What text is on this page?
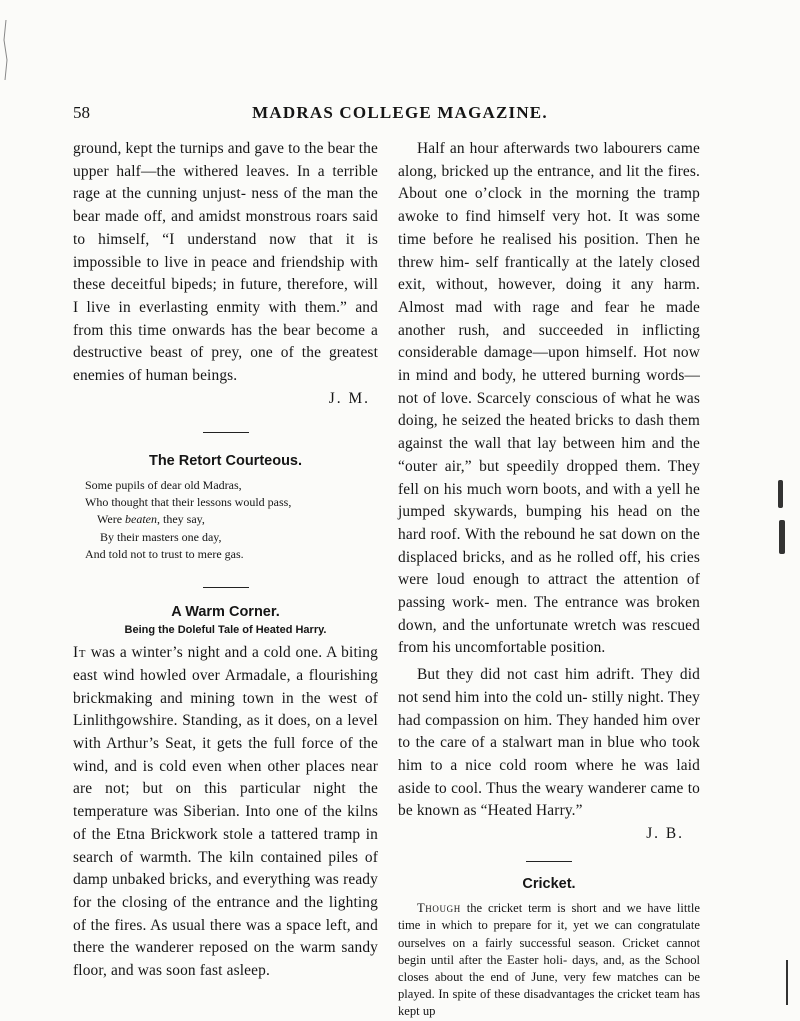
58	MADRAS COLLEGE MAGAZINE.

ground, kept the turnips and gave to the bear the upper half—the withered leaves. In a terrible rage at the cunning unjust- ness of the man the bear made off, and amidst monstrous roars said to himself, “I understand now that it is impossible to live in peace and friendship with these deceitful bipeds; in future, therefore, will I live in everlasting enmity with them.” and from this time onwards has the bear become a destructive beast of prey, one of the greatest enemies of human beings.

J. M.
The Retort Courteous.
Some pupils of dear old Madras,
Who thought that their lessons would pass,
Were beaten, they say,
By their masters one day,
And told not to trust to mere gas.
A Warm Corner.
Being the Doleful Tale of Heated Harry.

It was a winter’s night and a cold one. A biting east wind howled over Armadale, a flourishing brickmaking and mining town in the west of Linlithgowshire. Standing, as it does, on a level with Arthur’s Seat, it gets the full force of the wind, and is cold even when other places near are not; but on this particular night the temperature was Siberian. Into one of the kilns of the Etna Brickwork stole a tattered tramp in search of warmth. The kiln contained piles of damp unbaked bricks, and everything was ready for the closing of the entrance and the lighting of the fires. As usual there was a space left, and there the wanderer reposed on the warm sandy floor, and was soon fast asleep.

Half an hour afterwards two labourers came along, bricked up the entrance, and lit the fires. About one o’clock in the morning the tramp awoke to find himself very hot. It was some time before he realised his position. Then he threw him- self frantically at the lately closed exit, without, however, doing it any harm. Almost mad with rage and fear he made another rush, and succeeded in inflicting considerable damage—upon himself. Hot now in mind and body, he uttered burning words—not of love. Scarcely conscious of what he was doing, he seized the heated bricks to dash them against the wall that lay between him and the “outer air,” but speedily dropped them. They fell on his much worn boots, and with a yell he jumped skywards, bumping his head on the hard roof. With the rebound he sat down on the displaced bricks, and as he rolled off, his cries were loud enough to attract the attention of passing work- men. The entrance was broken down, and the unfortunate wretch was rescued from his uncomfortable position.

But they did not cast him adrift. They did not send him into the cold un- stilly night. They had compassion on him. They handed him over to the care of a stalwart man in blue who took him to a nice cold room where he was laid aside to cool. Thus the weary wanderer came to be known as “Heated Harry.”

J. B.
Cricket.

Though the cricket term is short and we have little time in which to prepare for it, yet we can congratulate ourselves on a fairly successful season. Cricket cannot begin until after the Easter holi- days, and, as the School closes about the end of June, very few matches can be played. In spite of these disadvantages the cricket team has kept up
